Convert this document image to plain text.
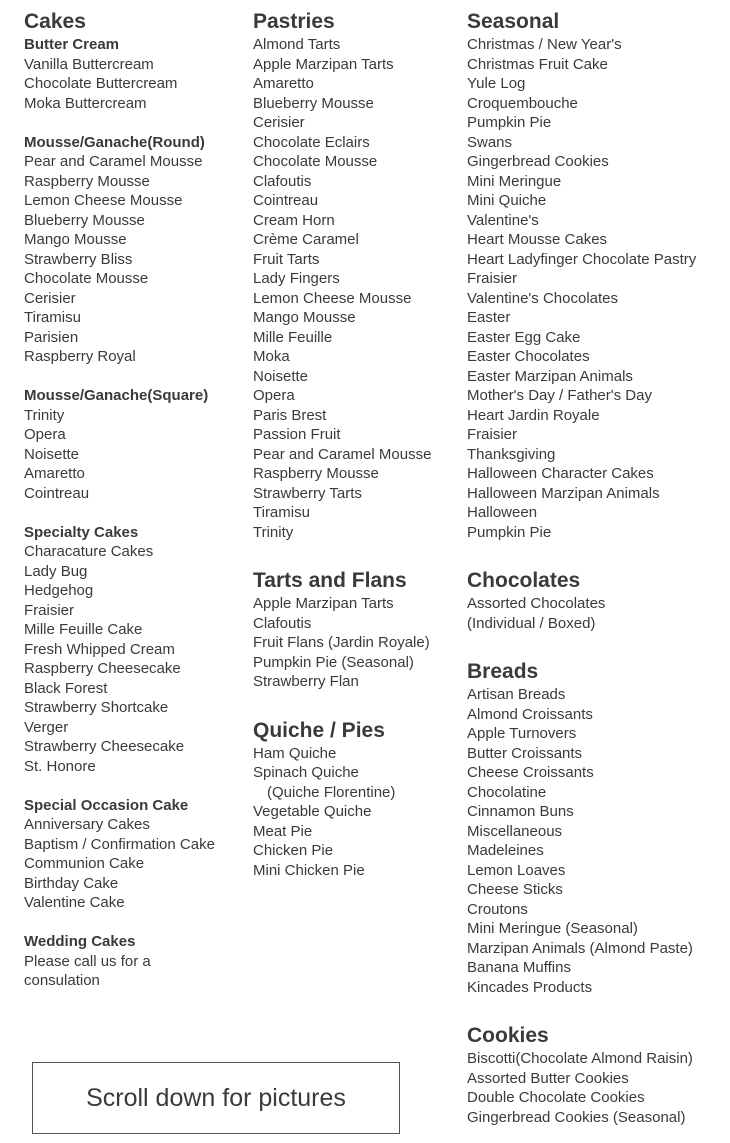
Cakes
Butter Cream
Vanilla Buttercream
Chocolate Buttercream
Moka Buttercream
Mousse/Ganache(Round)
Pear and Caramel Mousse
Raspberry Mousse
Lemon Cheese Mousse
Blueberry Mousse
Mango Mousse
Strawberry Bliss
Chocolate Mousse
Cerisier
Tiramisu
Parisien
Raspberry Royal
Mousse/Ganache(Square)
Trinity
Opera
Noisette
Amaretto
Cointreau
Specialty Cakes
Characature Cakes
Lady Bug
Hedgehog
Fraisier
Mille Feuille Cake
Fresh Whipped Cream
Raspberry Cheesecake
Black Forest
Strawberry Shortcake
Verger
Strawberry Cheesecake
St. Honore
Special Occasion Cake
Anniversary Cakes
Baptism / Confirmation Cake
Communion Cake
Birthday Cake
Valentine Cake
Wedding Cakes
Please call us for a
consulation
Pastries
Almond Tarts
Apple Marzipan Tarts
Amaretto
Blueberry Mousse
Cerisier
Chocolate Eclairs
Chocolate Mousse
Clafoutis
Cointreau
Cream Horn
Crème Caramel
Fruit Tarts
Lady Fingers
Lemon Cheese Mousse
Mango Mousse
Mille Feuille
Moka
Noisette
Opera
Paris Brest
Passion Fruit
Pear and Caramel Mousse
Raspberry Mousse
Strawberry Tarts
Tiramisu
Trinity
Tarts and Flans
Apple Marzipan Tarts
Clafoutis
Fruit Flans (Jardin Royale)
Pumpkin Pie (Seasonal)
Strawberry Flan
Quiche / Pies
Ham Quiche
Spinach Quiche
(Quiche Florentine)
Vegetable Quiche
Meat Pie
Chicken Pie
Mini Chicken Pie
Seasonal
Christmas / New Year's
Christmas Fruit Cake
Yule Log
Croquembouche
Pumpkin Pie
Swans
Gingerbread Cookies
Mini Meringue
Mini Quiche
Valentine's
Heart Mousse Cakes
Heart Ladyfinger Chocolate Pastry
Fraisier
Valentine's Chocolates
Easter
Easter Egg Cake
Easter Chocolates
Easter Marzipan Animals
Mother's Day / Father's Day
Heart Jardin Royale
Fraisier
Thanksgiving
Halloween Character Cakes
Halloween Marzipan Animals
Halloween
Pumpkin Pie
Chocolates
Assorted Chocolates
(Individual / Boxed)
Breads
Artisan Breads
Almond Croissants
Apple Turnovers
Butter Croissants
Cheese Croissants
Chocolatine
Cinnamon Buns
Miscellaneous
Madeleines
Lemon Loaves
Cheese Sticks
Croutons
Mini Meringue (Seasonal)
Marzipan Animals (Almond Paste)
Banana Muffins
Kincades Products
Cookies
Biscotti(Chocolate Almond Raisin)
Assorted Butter Cookies
Double Chocolate Cookies
Gingerbread Cookies (Seasonal)
Scroll down for pictures
